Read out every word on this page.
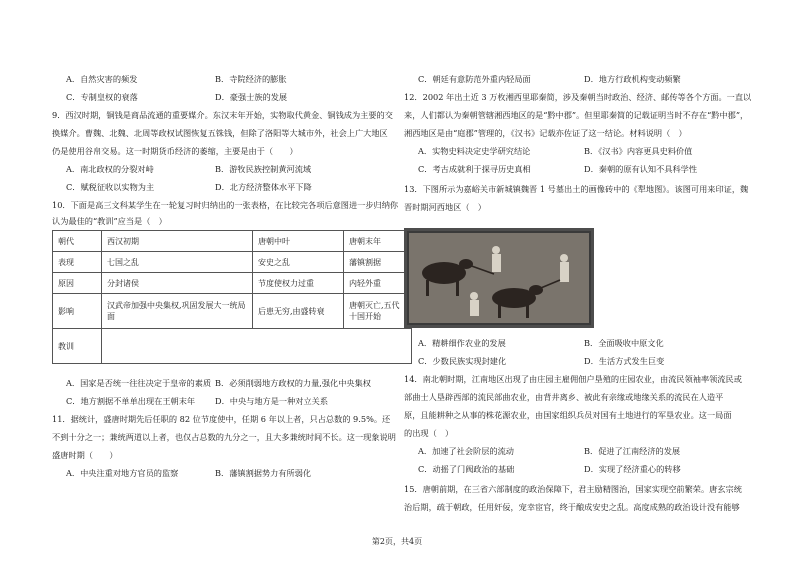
A．自然灾害的频发	B．寺院经济的膨胀
C．专制皇权的衰落	D．豪强士族的发展
9．西汉时期，铜钱是商品流通的重要媒介。东汉末年开始，实物取代黄金、铜钱成为主要的交
换媒介。曹魏、北魏、北周等政权试图恢复五铢钱，但除了洛阳等大城市外，社会上广大地区
仍是使用谷帛交易。这一时期货币经济的萎缩，主要是由于（　　）
A．南北政权的分裂对峙	B．游牧民族控制黄河流域
C．赋税征收以实物为主	D．北方经济整体水平下降
10．下面是高三文科某学生在一轮复习时归纳出的一张表格，在比较完各项后意图进一步归纳你
认为最佳的“教训”应当是（　）
朝代	西汉初期	唐朝中叶	唐朝末年
表现	七国之乱	安史之乱	藩镇割据
原因	分封诸侯	节度使权力过重	内轻外重
影响	汉武帝加强中央集权,巩固发展大一统局面	后患无穷,由盛转衰	唐朝灭亡,五代十国开始
教训			
A．国家是否统一往往决定于皇帝的素质 B．必须削弱地方政权的力量,强化中央集权
C．地方割据不单单出现在王朝末年 D．中央与地方是一种对立关系
11．据统计，盛唐时期先后任职的 82 位节度使中，任期 6 年以上者，只占总数的 9.5%。还
不到十分之一；兼统两道以上者，也仅占总数的九分之一，且大多兼统时间不长。这一现象说明
盛唐时期（　　）
A．中央注重对地方官员的监察	B．藩镇割据势力有所弱化
C．朝廷有意防范外重内轻局面	D．地方行政机构变动频繁
12．2002 年出土近 3 万枚湘西里耶秦简，涉及秦朝当时政治、经济、邮传等各个方面。一直以
来，人们都认为秦朝管辖湘西地区的是“黔中郡”。但里耶秦简的记载证明当时不存在“黔中郡”，
湘西地区是由“庭郡”管理的，《汉书》记载亦佐证了这一结论。材料说明（　）
A．实物史料决定史学研究结论	B．《汉书》内容更具史料价值
C．考古成就利于探寻历史真相	D．秦朝的原有认知不具科学性
13．下图所示为嘉峪关市新城镇魏晋 1 号墓出土的画像砖中的《犁地图》。该图可用来印证，魏
晋时期河西地区（　）
A．精耕细作农业的发展	B．全面吸收中原文化
C．少数民族实现封建化	D．生活方式发生巨变
14．南北朝时期，江南地区出现了由庄园主雇佣佃户垦殖的庄园农业，由流民领袖率领流民或
部曲士人垦辟西部的流民部曲农业，由背井离乡、被此有亲缘或地缘关系的流民在人造平
原，且能耕种之从事的株花源农业，由国家组织兵员对国有土地进行的军垦农业。这一局面
的出现（　）
A．加速了社会阶层的流动	B．促进了江南经济的发展
C．动摇了门阀政治的基础	D．实现了经济重心的转移
15．唐朝前期，在三省六部制度的政治保障下，君主励精图治，国家实现空前繁荣。唐玄宗统
治后期，疏于朝政，任用奸佞，宠幸宦官，终于酿成安史之乱。高度成熟的政治设计没有能够
第2页，共4页
